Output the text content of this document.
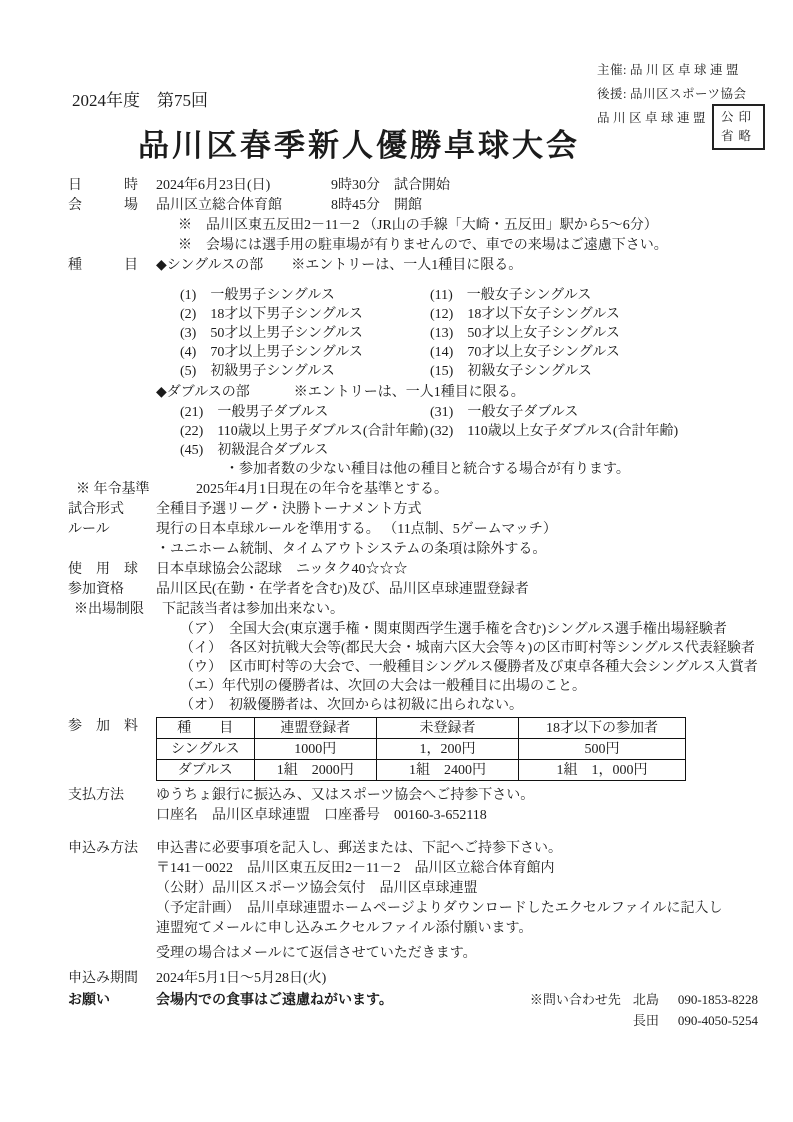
2024年度　第75回
主催: 品川区卓球連盟
後援: 品川区スポーツ協会
品川区卓球連盟 公印
省略
品川区春季新人優勝卓球大会
日　　　時	2024年6月23日(日)	9時30分　試合開始
会　　　場	品川区立総合体育館	8時45分　開館
※　品川区東五反田2－11－2 （JR山の手線「大崎・五反田」駅から5～6分）
※　会場には選手用の駐車場が有りませんので、車での来場はご遠慮下さい。
種　　　目	◆シングルスの部 ※エントリーは、一人1種目に限る。
(1)　一般男子シングルス	(11)　一般女子シングルス
(2)　18才以下男子シングルス	(12)　18才以下女子シングルス
(3)　50才以上男子シングルス	(13)　50才以上女子シングルス
(4)　70才以上男子シングルス	(14)　70才以上女子シングルス
(5)　初級男子シングルス	(15)　初級女子シングルス
◆ダブルスの部	※エントリーは、一人1種目に限る。
(21)　一般男子ダブルス	(31)　一般女子ダブルス
(22)　110歳以上男子ダブルス(合計年齢) (32)　110歳以上女子ダブルス(合計年齢)
(45)　初級混合ダブルス
・参加者数の少ない種目は他の種目と統合する場合が有ります。
※ 年令基準	2025年4月1日現在の年令を基準とする。
試合形式	全種目予選リーグ・決勝トーナメント方式
ルール	現行の日本卓球ルールを準用する。 （11点制、5ゲームマッチ）
・ユニホーム統制、タイムアウトシステムの条項は除外する。
使　用　球	日本卓球協会公認球　ニッタク40☆☆☆
参加資格	品川区民(在勤・在学者を含む)及び、品川区卓球連盟登録者
※出場制限	下記該当者は参加出来ない。
（ア）　全国大会(東京選手権・関東関西学生選手権を含む)シングルス選手権出場経験者
（イ）　各区対抗戦大会等(都民大会・城南六区大会等々)の区市町村等シングルス代表経験者
（ウ）　区市町村等の大会で、一般種目シングルス優勝者及び東卓各種大会シングルス入賞者
（エ）年代別の優勝者は、次回の大会は一般種目に出場のこと。
（オ）　初級優勝者は、次回からは初級に出られない。
参　加　料	種　　目	連盟登録者	未登録者	18才以下の参加者
シングルス	1000円	1，200円	500円
ダブルス	1組　2000円	1組　2400円	1組　1，000円
支払方法	ゆうちょ銀行に振込み、又はスポーツ協会へご持参下さい。
口座名　品川区卓球連盟　口座番号　00160-3-652118
申込み方法	申込書に必要事項を記入し、郵送または、下記へご持参下さい。
〒141－0022　品川区東五反田2－11－2　品川区立総合体育館内
（公財）品川区スポーツ協会気付　品川区卓球連盟
（予定計画）　品川卓球連盟ホームページよりダウンロードしたエクセルファイルに記入し
連盟宛てメールに申し込みエクセルファイル添付願います。
受理の場合はメールにて返信させていただきます。
申込み期間	2024年5月1日～5月28日(火)
お願い	会場内での食事はご遠慮ねがいます。	※問い合わせ先 北島	090-1853-8228
長田	090-4050-5254
